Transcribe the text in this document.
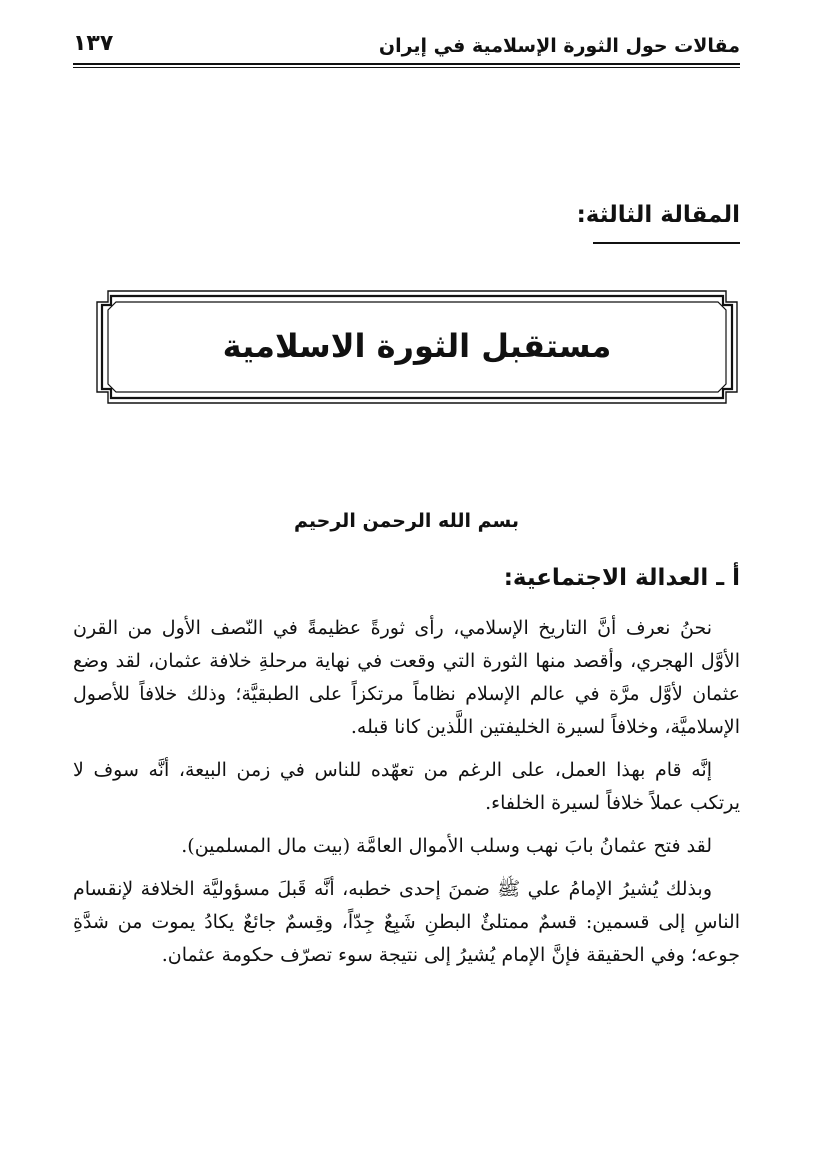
مقالات حول الثورة الإسلامية في إيران
١٣٧
المقالة الثالثة:
مستقبل الثورة الاسلامية
بسم الله الرحمن الرحيم
أ ـ العدالة الاجتماعية:

نحنُ نعرف أنَّ التاريخ الإسلامي، رأى ثورةً عظيمةً في النّصف الأول من القرن الأوَّل الهجري، وأقصد منها الثورة التي وقعت في نهاية مرحلةِ خلافة عثمان، لقد وضع عثمان لأوَّل مرَّة في عالم الإسلام نظاماً مرتكزاً على الطبقيَّة؛ وذلك خلافاً للأصول الإسلاميَّة، وخلافاً لسيرة الخليفتين اللَّذين كانا قبله.

إنَّه قام بهذا العمل، على الرغم من تعهّده للناس في زمن البيعة، أنَّه سوف لا يرتكب عملاً خلافاً لسيرة الخلفاء.

لقد فتح عثمانُ بابَ نهب وسلب الأموال العامَّة (بيت مال المسلمين).

وبذلك يُشيرُ الإمامُ علي ﷺ ضمنَ إحدى خطبه، أنَّه قَبلَ مسؤوليَّة الخلافة لإنقسام الناسِ إلى قسمين: قسمٌ ممتلئٌ البطنِ شَبِعٌ جِدّاً، وقِسمٌ جائعٌ يكادُ يموت من شدَّةِ جوعه؛ وفي الحقيقة فإنَّ الإمام يُشيرُ إلى نتيجة سوء تصرّف حكومة عثمان.
